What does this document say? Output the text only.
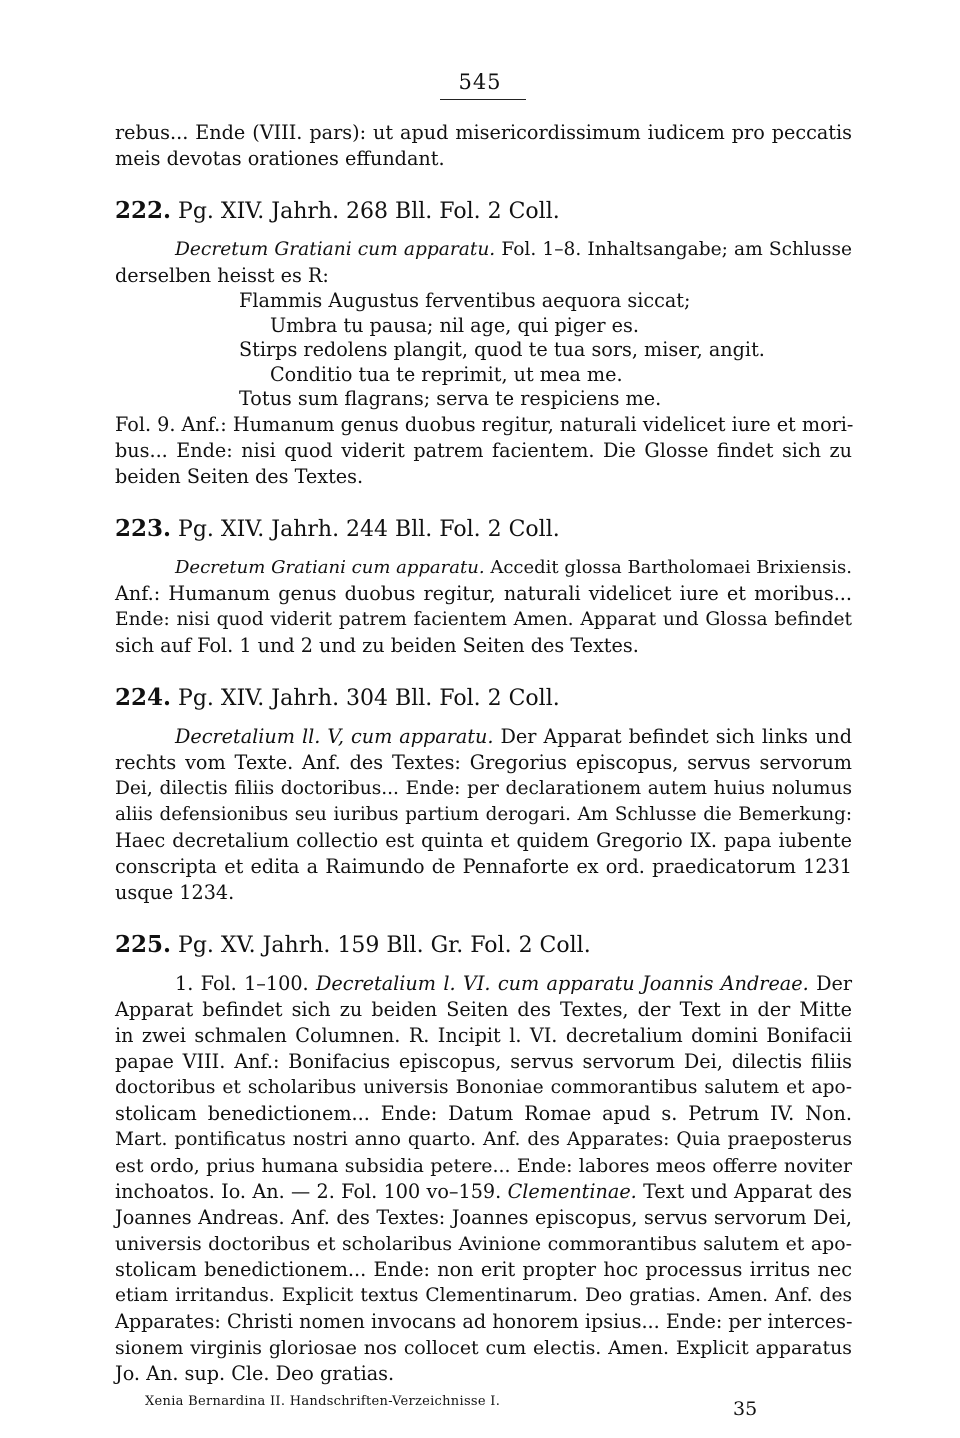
545
rebus... Ende (VIII. pars): ut apud misericordissimum iudicem pro peccatis
meis devotas orationes effundant.
222. Pg. XIV. Jahrh. 268 Bll. Fol. 2 Coll.
Decretum Gratiani cum apparatu. Fol. 1–8. Inhaltsangabe; am Schlusse
derselben heisst es R:
Flammis Augustus ferventibus aequora siccat;
Umbra tu pausa; nil age, qui piger es.
Stirps redolens plangit, quod te tua sors, miser, angit.
Conditio tua te reprimit, ut mea me.
Totus sum flagrans; serva te respiciens me.
Fol. 9. Anf.: Humanum genus duobus regitur, naturali videlicet iure et mori-
bus... Ende: nisi quod viderit patrem facientem. Die Glosse findet sich zu
beiden Seiten des Textes.
223. Pg. XIV. Jahrh. 244 Bll. Fol. 2 Coll.
Decretum Gratiani cum apparatu. Accedit glossa Bartholomaei Brixiensis.
Anf.: Humanum genus duobus regitur, naturali videlicet iure et moribus...
Ende: nisi quod viderit patrem facientem Amen. Apparat und Glossa befindet
sich auf Fol. 1 und 2 und zu beiden Seiten des Textes.
224. Pg. XIV. Jahrh. 304 Bll. Fol. 2 Coll.
Decretalium ll. V, cum apparatu. Der Apparat befindet sich links und
rechts vom Texte. Anf. des Textes: Gregorius episcopus, servus servorum
Dei, dilectis filiis doctoribus... Ende: per declarationem autem huius nolumus
aliis defensionibus seu iuribus partium derogari. Am Schlusse die Bemerkung:
Haec decretalium collectio est quinta et quidem Gregorio IX. papa iubente
conscripta et edita a Raimundo de Pennaforte ex ord. praedicatorum 1231
usque 1234.
225. Pg. XV. Jahrh. 159 Bll. Gr. Fol. 2 Coll.
1. Fol. 1–100. Decretalium l. VI. cum apparatu Joannis Andreae. Der
Apparat befindet sich zu beiden Seiten des Textes, der Text in der Mitte
in zwei schmalen Columnen. R. Incipit l. VI. decretalium domini Bonifacii
papae VIII. Anf.: Bonifacius episcopus, servus servorum Dei, dilectis filiis
doctoribus et scholaribus universis Bononiae commorantibus salutem et apo-
stolicam benedictionem... Ende: Datum Romae apud s. Petrum IV. Non.
Mart. pontificatus nostri anno quarto. Anf. des Apparates: Quia praeposterus
est ordo, prius humana subsidia petere... Ende: labores meos offerre noviter
inchoatos. Io. An. — 2. Fol. 100 vo–159. Clementinae. Text und Apparat des
Joannes Andreas. Anf. des Textes: Joannes episcopus, servus servorum Dei,
universis doctoribus et scholaribus Avinione commorantibus salutem et apo-
stolicam benedictionem... Ende: non erit propter hoc processus irritus nec
etiam irritandus. Explicit textus Clementinarum. Deo gratias. Amen. Anf. des
Apparates: Christi nomen invocans ad honorem ipsius... Ende: per interces-
sionem virginis gloriosae nos collocet cum electis. Amen. Explicit apparatus
Jo. An. sup. Cle. Deo gratias.
Xenia Bernardina II. Handschriften-Verzeichnisse I.	35
